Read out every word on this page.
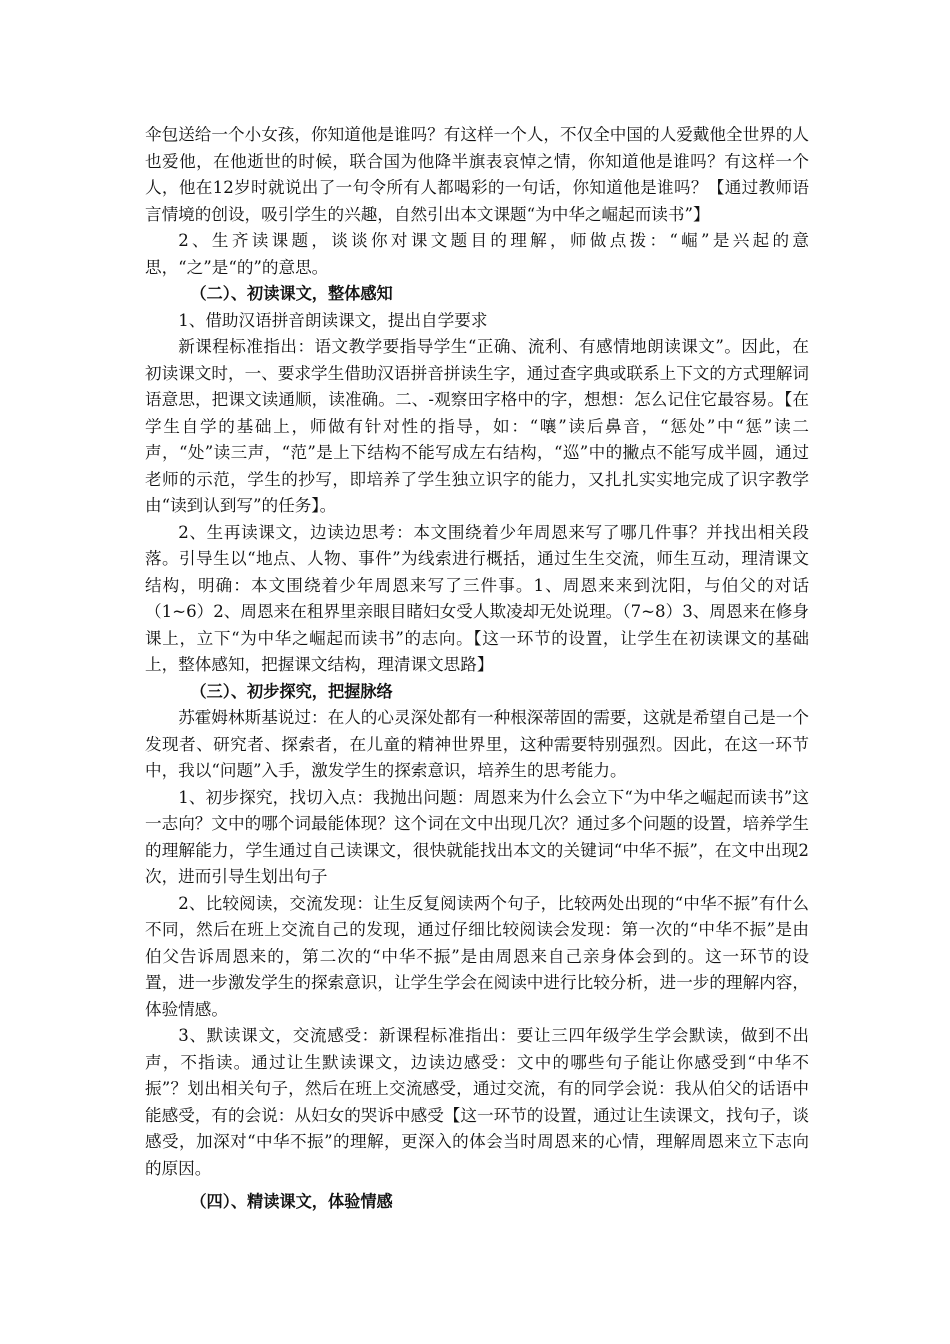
伞包送给一个小女孩，你知道他是谁吗？有这样一个人，不仅全中国的人爱戴他全世界的人也爱他，在他逝世的时候，联合国为他降半旗表哀悼之情，你知道他是谁吗？有这样一个人，他在12岁时就说出了一句令所有人都喝彩的一句话，你知道他是谁吗？【通过教师语言情境的创设，吸引学生的兴趣，自然引出本文课题“为中华之崛起而读书”】

2、生齐读课题，谈谈你对课文题目的理解，师做点拨：“崛”是兴起的意思，“之”是“的”的意思。

（二）、初读课文，整体感知

1、借助汉语拼音朗读课文，提出自学要求

新课程标准指出：语文教学要指导学生“正确、流利、有感情地朗读课文”。因此，在初读课文时，一、要求学生借助汉语拼音拼读生字，通过查字典或联系上下文的方式理解词语意思，把课文读通顺，读准确。二、-观察田字格中的字，想想：怎么记住它最容易。【在学生自学的基础上，师做有针对性的指导，如：“嚷”读后鼻音，“惩处”中“惩”读二声，“处”读三声，“范”是上下结构不能写成左右结构，“巡”中的撇点不能写成半圆，通过老师的示范，学生的抄写，即培养了学生独立识字的能力，又扎扎实实地完成了识字教学由“读到认到写”的任务】。

2、生再读课文，边读边思考：本文围绕着少年周恩来写了哪几件事？并找出相关段落。引导生以“地点、人物、事件”为线索进行概括，通过生生交流，师生互动，理清课文结构，明确：本文围绕着少年周恩来写了三件事。1、周恩来来到沈阳，与伯父的对话（1~6）2、周恩来在租界里亲眼目睹妇女受人欺凌却无处说理。（7~8）3、周恩来在修身课上，立下“为中华之崛起而读书”的志向。【这一环节的设置，让学生在初读课文的基础上，整体感知，把握课文结构，理清课文思路】

（三）、初步探究，把握脉络

苏霍姆林斯基说过：在人的心灵深处都有一种根深蒂固的需要，这就是希望自己是一个发现者、研究者、探索者，在儿童的精神世界里，这种需要特别强烈。因此，在这一环节中，我以“问题”入手，激发学生的探索意识，培养生的思考能力。

1、初步探究，找切入点：我抛出问题：周恩来为什么会立下“为中华之崛起而读书”这一志向？文中的哪个词最能体现？这个词在文中出现几次？通过多个问题的设置，培养学生的理解能力，学生通过自己读课文，很快就能找出本文的关键词“中华不振”，在文中出现2次，进而引导生划出句子

2、比较阅读，交流发现：让生反复阅读两个句子，比较两处出现的“中华不振”有什么不同，然后在班上交流自己的发现，通过仔细比较阅读会发现：第一次的“中华不振”是由伯父告诉周恩来的，第二次的“中华不振”是由周恩来自己亲身体会到的。这一环节的设置，进一步激发学生的探索意识，让学生学会在阅读中进行比较分析，进一步的理解内容，体验情感。

3、默读课文，交流感受：新课程标准指出：要让三四年级学生学会默读，做到不出声，不指读。通过让生默读课文，边读边感受：文中的哪些句子能让你感受到“中华不振”？划出相关句子，然后在班上交流感受，通过交流，有的同学会说：我从伯父的话语中能感受，有的会说：从妇女的哭诉中感受【这一环节的设置，通过让生读课文，找句子，谈感受，加深对“中华不振”的理解，更深入的体会当时周恩来的心情，理解周恩来立下志向的原因。

（四）、精读课文，体验情感
